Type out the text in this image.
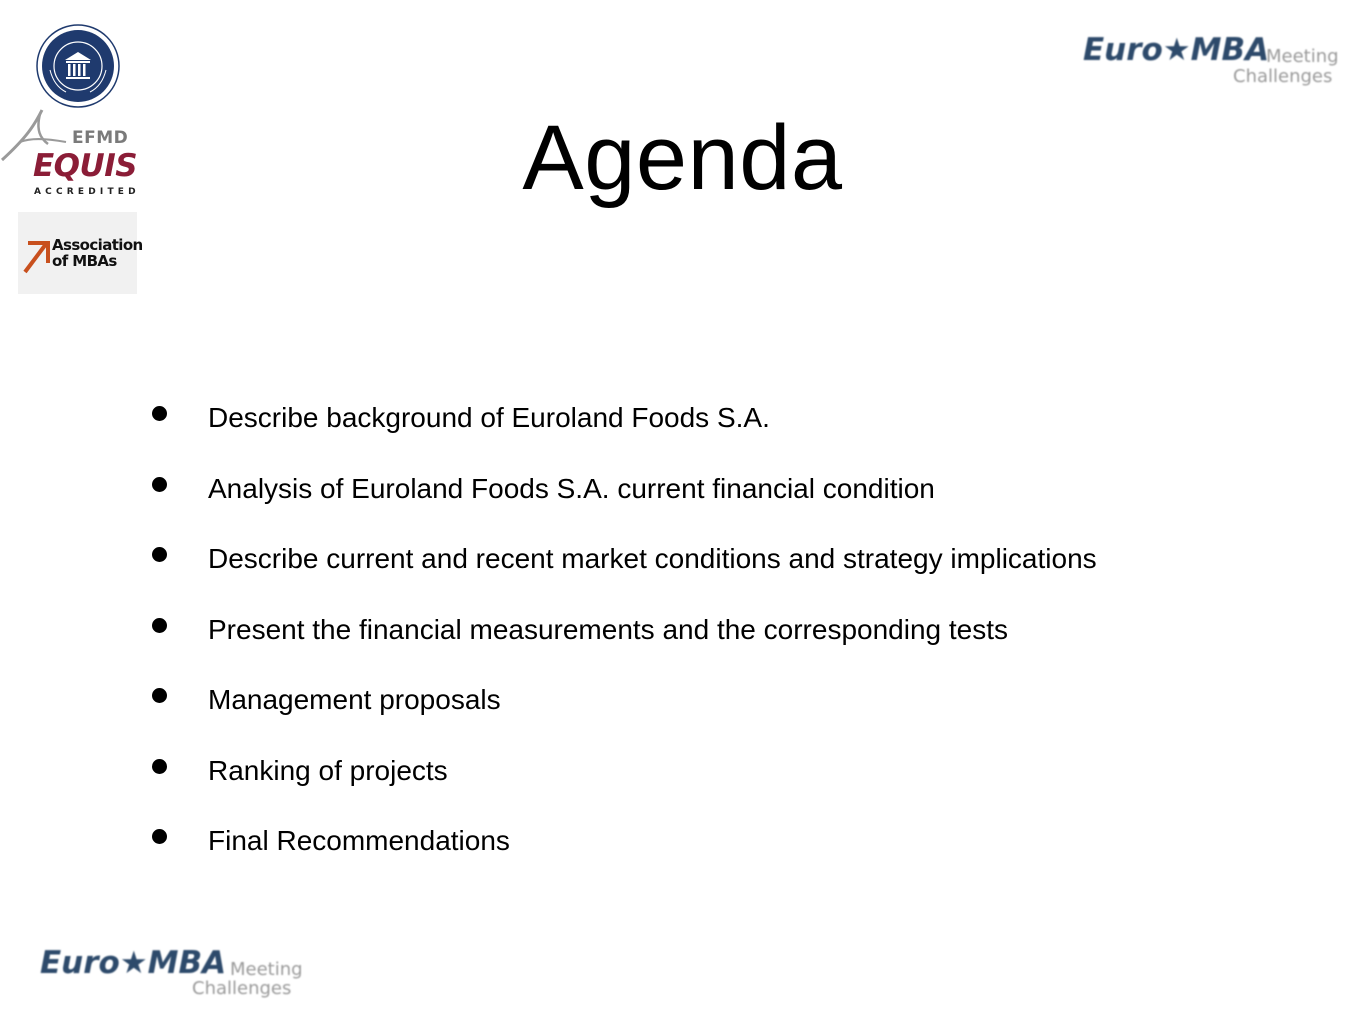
EFMD
EQUIS
ACCREDITED
Association
of MBAs
Euro★MBA
Meeting
Challenges
Agenda
Describe background of Euroland Foods S.A.
Analysis of Euroland Foods S.A. current financial condition
Describe current and recent market conditions and strategy implications
Present the financial measurements and the corresponding tests
Management proposals
Ranking of projects
Final Recommendations
Euro★MBA Meeting
Challenges
